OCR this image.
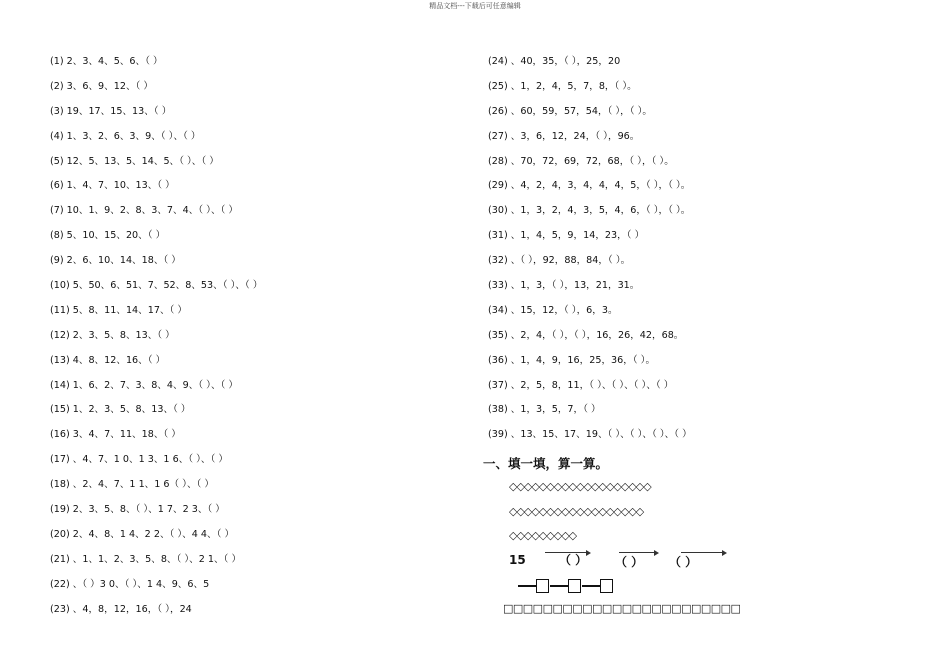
精品文档---下载后可任意编辑
(1) 2、3、4、5、6、（ ）
(2) 3、6、9、12、（ ）
(3) 19、17、15、13、（ ）
(4) 1、3、2、6、3、9、（ ）、（ ）
(5) 12、5、13、5、14、5、（ ）、（ ）
(6) 1、4、7、10、13、（ ）
(7) 10、1、9、2、8、3、7、4、（ ）、（ ）
(8) 5、10、15、20、（ ）
(9) 2、6、10、14、18、（ ）
(10) 5、50、6、51、7、52、8、53、（ ）、（ ）
(11) 5、8、11、14、17、（ ）
(12) 2、3、5、8、13、（ ）
(13) 4、8、12、16、（ ）
(14) 1、6、2、7、3、8、4、9、（ ）、（ ）
(15) 1、2、3、5、8、13、（ ）
(16) 3、4、7、11、18、（ ）
(17) 、4、7、1 0、1 3、1 6、（ ）、（ ）
(18) 、2、4、7、1 1、1 6（ ）、（ ）
(19) 2、3、5、8、（ ）、1 7、2 3、（ ）
(20) 2、4、8、1 4、2 2、（ ）、4 4、（ ）
(21) 、1、1、2、3、5、8、（ ）、2 1、（ ）
(22) 、（ ）3 0、（ ）、1 4、9、6、5
(23) 、4，8，12，16，（ ），24
(24) 、40，35，（ ），25，20
(25) 、1，2，4，5，7，8，（ ）。
(26) 、60，59，57，54，（ ），（ ）。
(27) 、3，6，12，24，（ ），96。
(28) 、70，72，69，72，68，（ ），（ ）。
(29) 、4，2，4，3，4，4，4，5，（ ），（ ）。
(30) 、1，3，2，4，3，5，4，6，（ ），（ ）。
(31) 、1，4，5，9，14，23，（ ）
(32) 、（ ），92，88，84，（ ）。
(33) 、1，3，（ ），13，21，31。
(34) 、15，12，（ ），6，3。
(35) 、2，4，（ ），（ ），16，26，42，68。
(36) 、1，4，9，16，25，36，（ ）。
(37) 、2，5，8，11，（ ）、（ ）、（ ）、（ ）
(38) 、1，3，5，7，（ ）
(39) 、13、15、17、19、（ ）、（ ）、（ ）、（ ）
一、填一填，算一算。
◇◇◇◇◇◇◇◇◇◇◇◇◇◇◇◇◇◇◇
◇◇◇◇◇◇◇◇◇◇◇◇◇◇◇◇◇◇
◇◇◇◇◇◇◇◇◇
15	（ ） （ ） （ ）
□□□□□□□□□□□□□□□□□□□□□□□□
